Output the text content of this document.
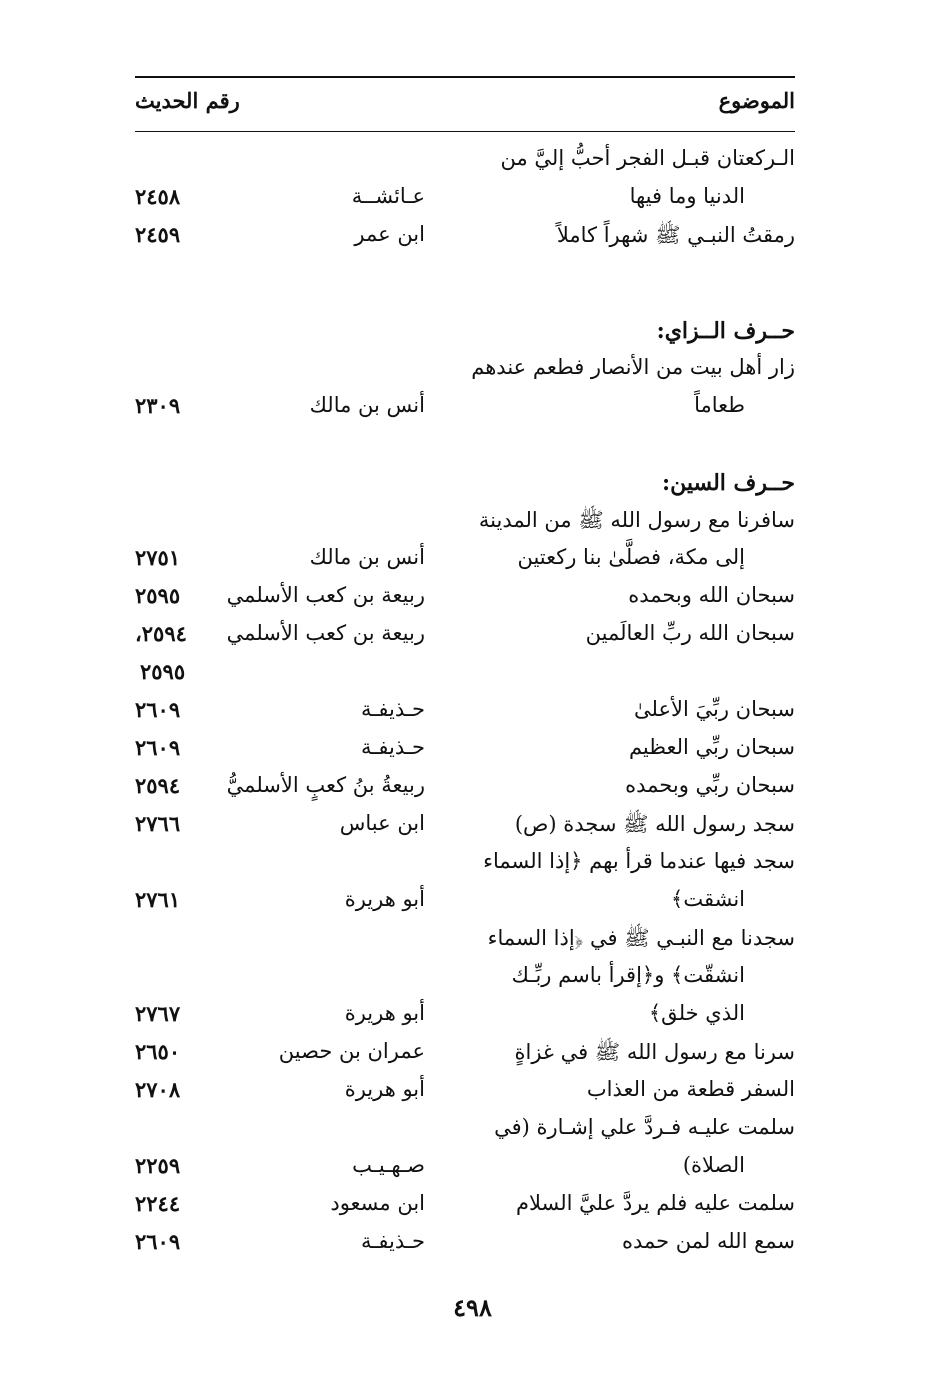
الموضوع
رقم الحديث
الـركعتان قبـل الفجر أحبُّ إليَّ من
الدنيا وما فيها
عـائشــة
٢٤٥٨
رمقتُ النبـي ﷺ شهراً كاملاً
ابن عمر
٢٤٥٩
حــرف الــزاي:
زار أهل بيت من الأنصار فطعم عندهم
طعاماً
أنس بن مالك
٢٣٠٩
حــرف السين:
سافرنا مع رسول الله ﷺ من المدينة
إلى مكة، فصلَّىٰ بنا ركعتين
أنس بن مالك
٢٧٥١
سبحان الله وبحمده
ربيعة بن كعب الأسلمي
٢٥٩٥
سبحان الله ربِّ العالَمين
ربيعة بن كعب الأسلمي
٢٥٩٤،
٢٥٩٥
سبحان ربِّيَ الأعلىٰ
حـذيفـة
٢٦٠٩
سبحان ربِّي العظيم
حـذيفـة
٢٦٠٩
سبحان ربِّي وبحمده
ربيعةُ بنُ كعبٍ الأسلميُّ
٢٥٩٤
سجد رسول الله ﷺ سجدة (ص)
ابن عباس
٢٧٦٦
سجد فيها عندما قرأ بهم ﴿إذا السماء
انشقت﴾
أبو هريرة
٢٧٦١
سجدنا مع النبـي ﷺ في ﴿إذا السماء
انشقّت﴾ و﴿إقرأ باسم ربِّـك
الذي خلق﴾
أبو هريرة
٢٧٦٧
سرنا مع رسول الله ﷺ في غزاةٍ
عمران بن حصين
٢٦٥٠
السفر قطعة من العذاب
أبو هريرة
٢٧٠٨
سلمت عليـه فـردَّ علي إشـارة (في
الصلاة)
صـهـيـب
٢٢٥٩
سلمت عليه فلم يردَّ عليَّ السلام
ابن مسعود
٢٢٤٤
سمع الله لمن حمده
حـذيفـة
٢٦٠٩
٤٩٨
